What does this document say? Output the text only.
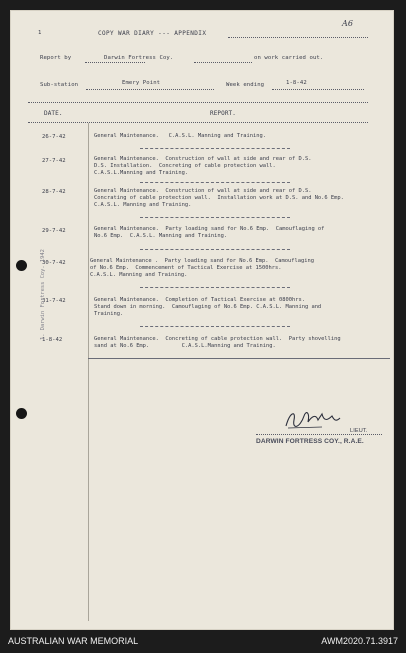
1	COPY WAR DIARY --- APPENDIX
A6
Report by	Darwin Fortress Coy.	on work carried out.
Sub-station	Emery Point	Week ending	1-8-42
DATE.	REPORT.
26-7-42	General Maintenance.   C.A.S.L. Manning and Training.
27-7-42	General Maintenance.  Construction of wall at side and rear of D.S.
D.S. Installation.  Concreting of cable protection wall.
C.A.S.L.Manning and Training.
28-7-42	General Maintenance.  Construction of wall at side and rear of D.S.
Concrating of cable protection wall.  Installation work at D.S. and No.6 Emp.
C.A.S.L. Manning and Training.
29-7-42	General Maintenance.  Party loading sand for No.6 Emp.  Camouflaging of
No.6 Emp.  C.A.S.L. Manning and Training.
30-7-42	General Maintenance .  Party loading sand for No.6 Emp.  Camouflaging
of No.6 Emp.  Commencement of Tactical Exercise at 1500hrs.
C.A.S.L. Manning and Training.
31-7-42	General Maintenance.  Completion of Tactical Exercise at 0800hrs.
Stand down in morning.  Camouflaging of No.6 Emp. C.A.S.L. Manning and
Training.
1-8-42	General Maintenance.  Concreting of cable protection wall.  Party shovelling
sand at No.6 Emp.          C.A.S.L.Manning and Training.
1. Darwin Fortress Coy. 1942
LIEUT.
DARWIN FORTRESS COY., R.A.E.
AUSTRALIAN WAR MEMORIAL	AWM2020.71.3917
